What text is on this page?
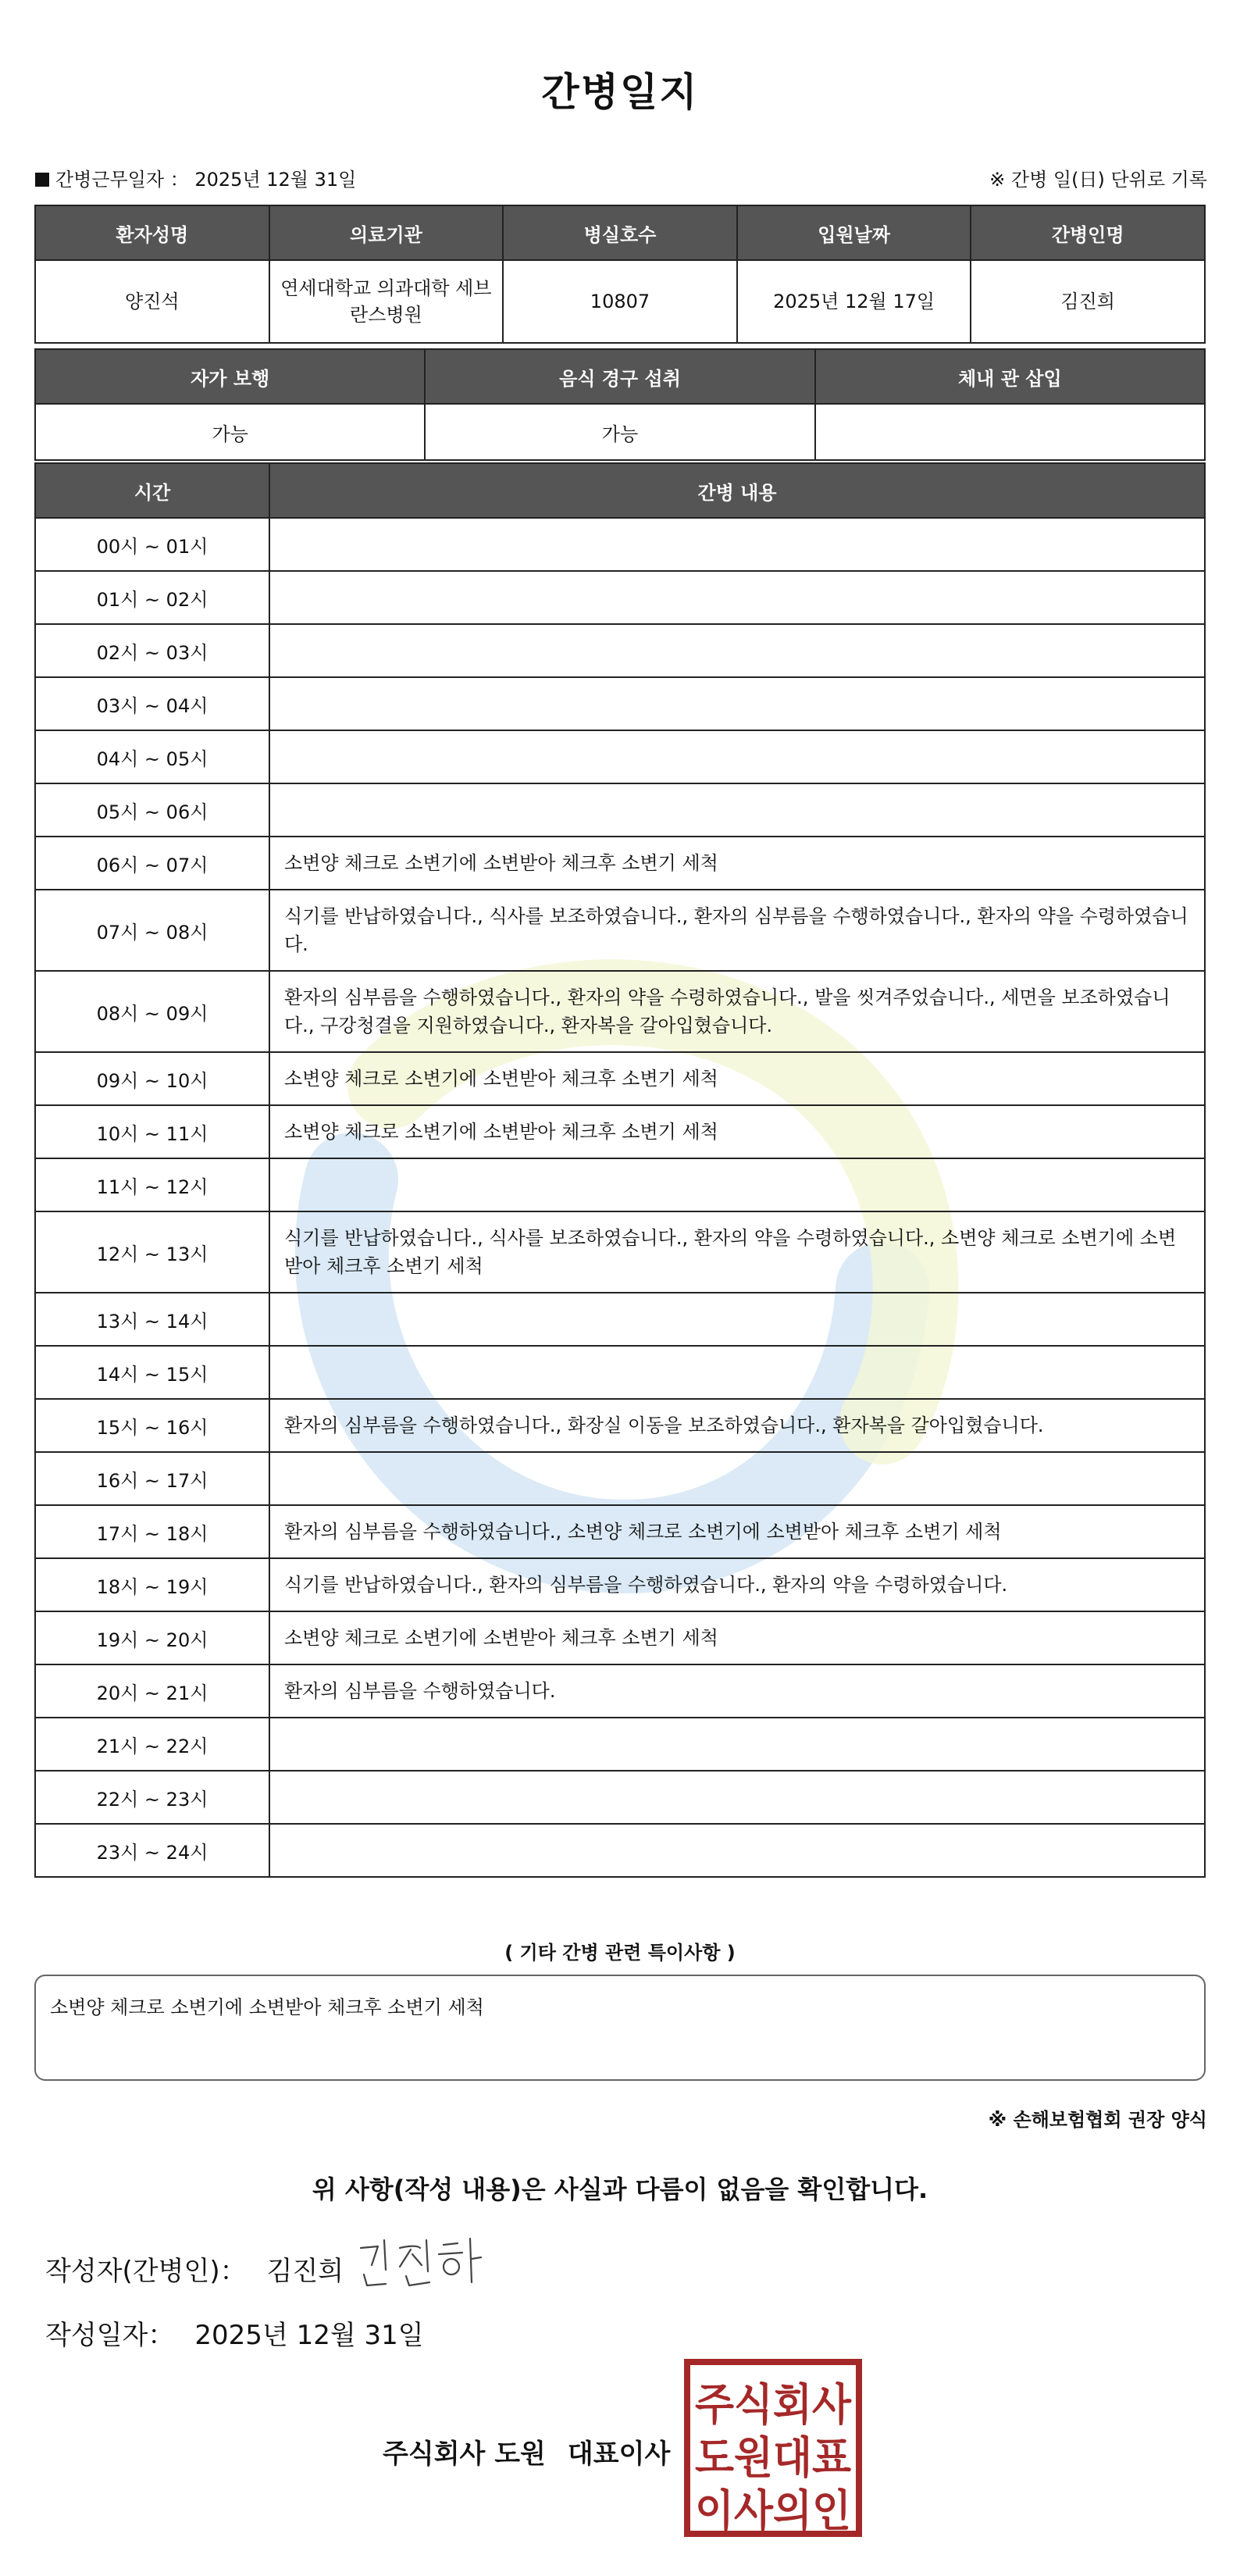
간병일지
간병근무일자 ： 2025년 12월 31일	※ 간병 일(日) 단위로 기록
환자성명	의료기관	병실호수	입원날짜	간병인명
양진석	연세대학교 의과대학 세브란스병원	10807	2025년 12월 17일	김진희
자가 보행	음식 경구 섭취	체내 관 삽입
가능	가능	
시간	간병 내용
00시 ~ 01시	
01시 ~ 02시	
02시 ~ 03시	
03시 ~ 04시	
04시 ~ 05시	
05시 ~ 06시	
06시 ~ 07시	소변양 체크로 소변기에 소변받아 체크후 소변기 세척
07시 ~ 08시	식기를 반납하였습니다., 식사를 보조하였습니다., 환자의 심부름을 수행하였습니다., 환자의 약을 수령하였습니다.
08시 ~ 09시	환자의 심부름을 수행하였습니다., 환자의 약을 수령하였습니다., 발을 씻겨주었습니다., 세면을 보조하였습니다., 구강청결을 지원하였습니다., 환자복을 갈아입혔습니다.
09시 ~ 10시	소변양 체크로 소변기에 소변받아 체크후 소변기 세척
10시 ~ 11시	소변양 체크로 소변기에 소변받아 체크후 소변기 세척
11시 ~ 12시	
12시 ~ 13시	식기를 반납하였습니다., 식사를 보조하였습니다., 환자의 약을 수령하였습니다., 소변양 체크로 소변기에 소변받아 체크후 소변기 세척
13시 ~ 14시	
14시 ~ 15시	
15시 ~ 16시	환자의 심부름을 수행하였습니다., 화장실 이동을 보조하였습니다., 환자복을 갈아입혔습니다.
16시 ~ 17시	
17시 ~ 18시	환자의 심부름을 수행하였습니다., 소변양 체크로 소변기에 소변받아 체크후 소변기 세척
18시 ~ 19시	식기를 반납하였습니다., 환자의 심부름을 수행하였습니다., 환자의 약을 수령하였습니다.
19시 ~ 20시	소변양 체크로 소변기에 소변받아 체크후 소변기 세척
20시 ~ 21시	환자의 심부름을 수행하였습니다.
21시 ~ 22시	
22시 ~ 23시	
23시 ~ 24시	
( 기타 간병 관련 특이사항 )
소변양 체크로 소변기에 소변받아 체크후 소변기 세척
※ 손해보험협회 권장 양식
위 사항(작성 내용)은 사실과 다름이 없음을 확인합니다.
작성자(간병인)： 김진희
작성일자： 2025년 12월 31일
주식회사 도원 대표이사
주식회사
도원대표
이사의인
